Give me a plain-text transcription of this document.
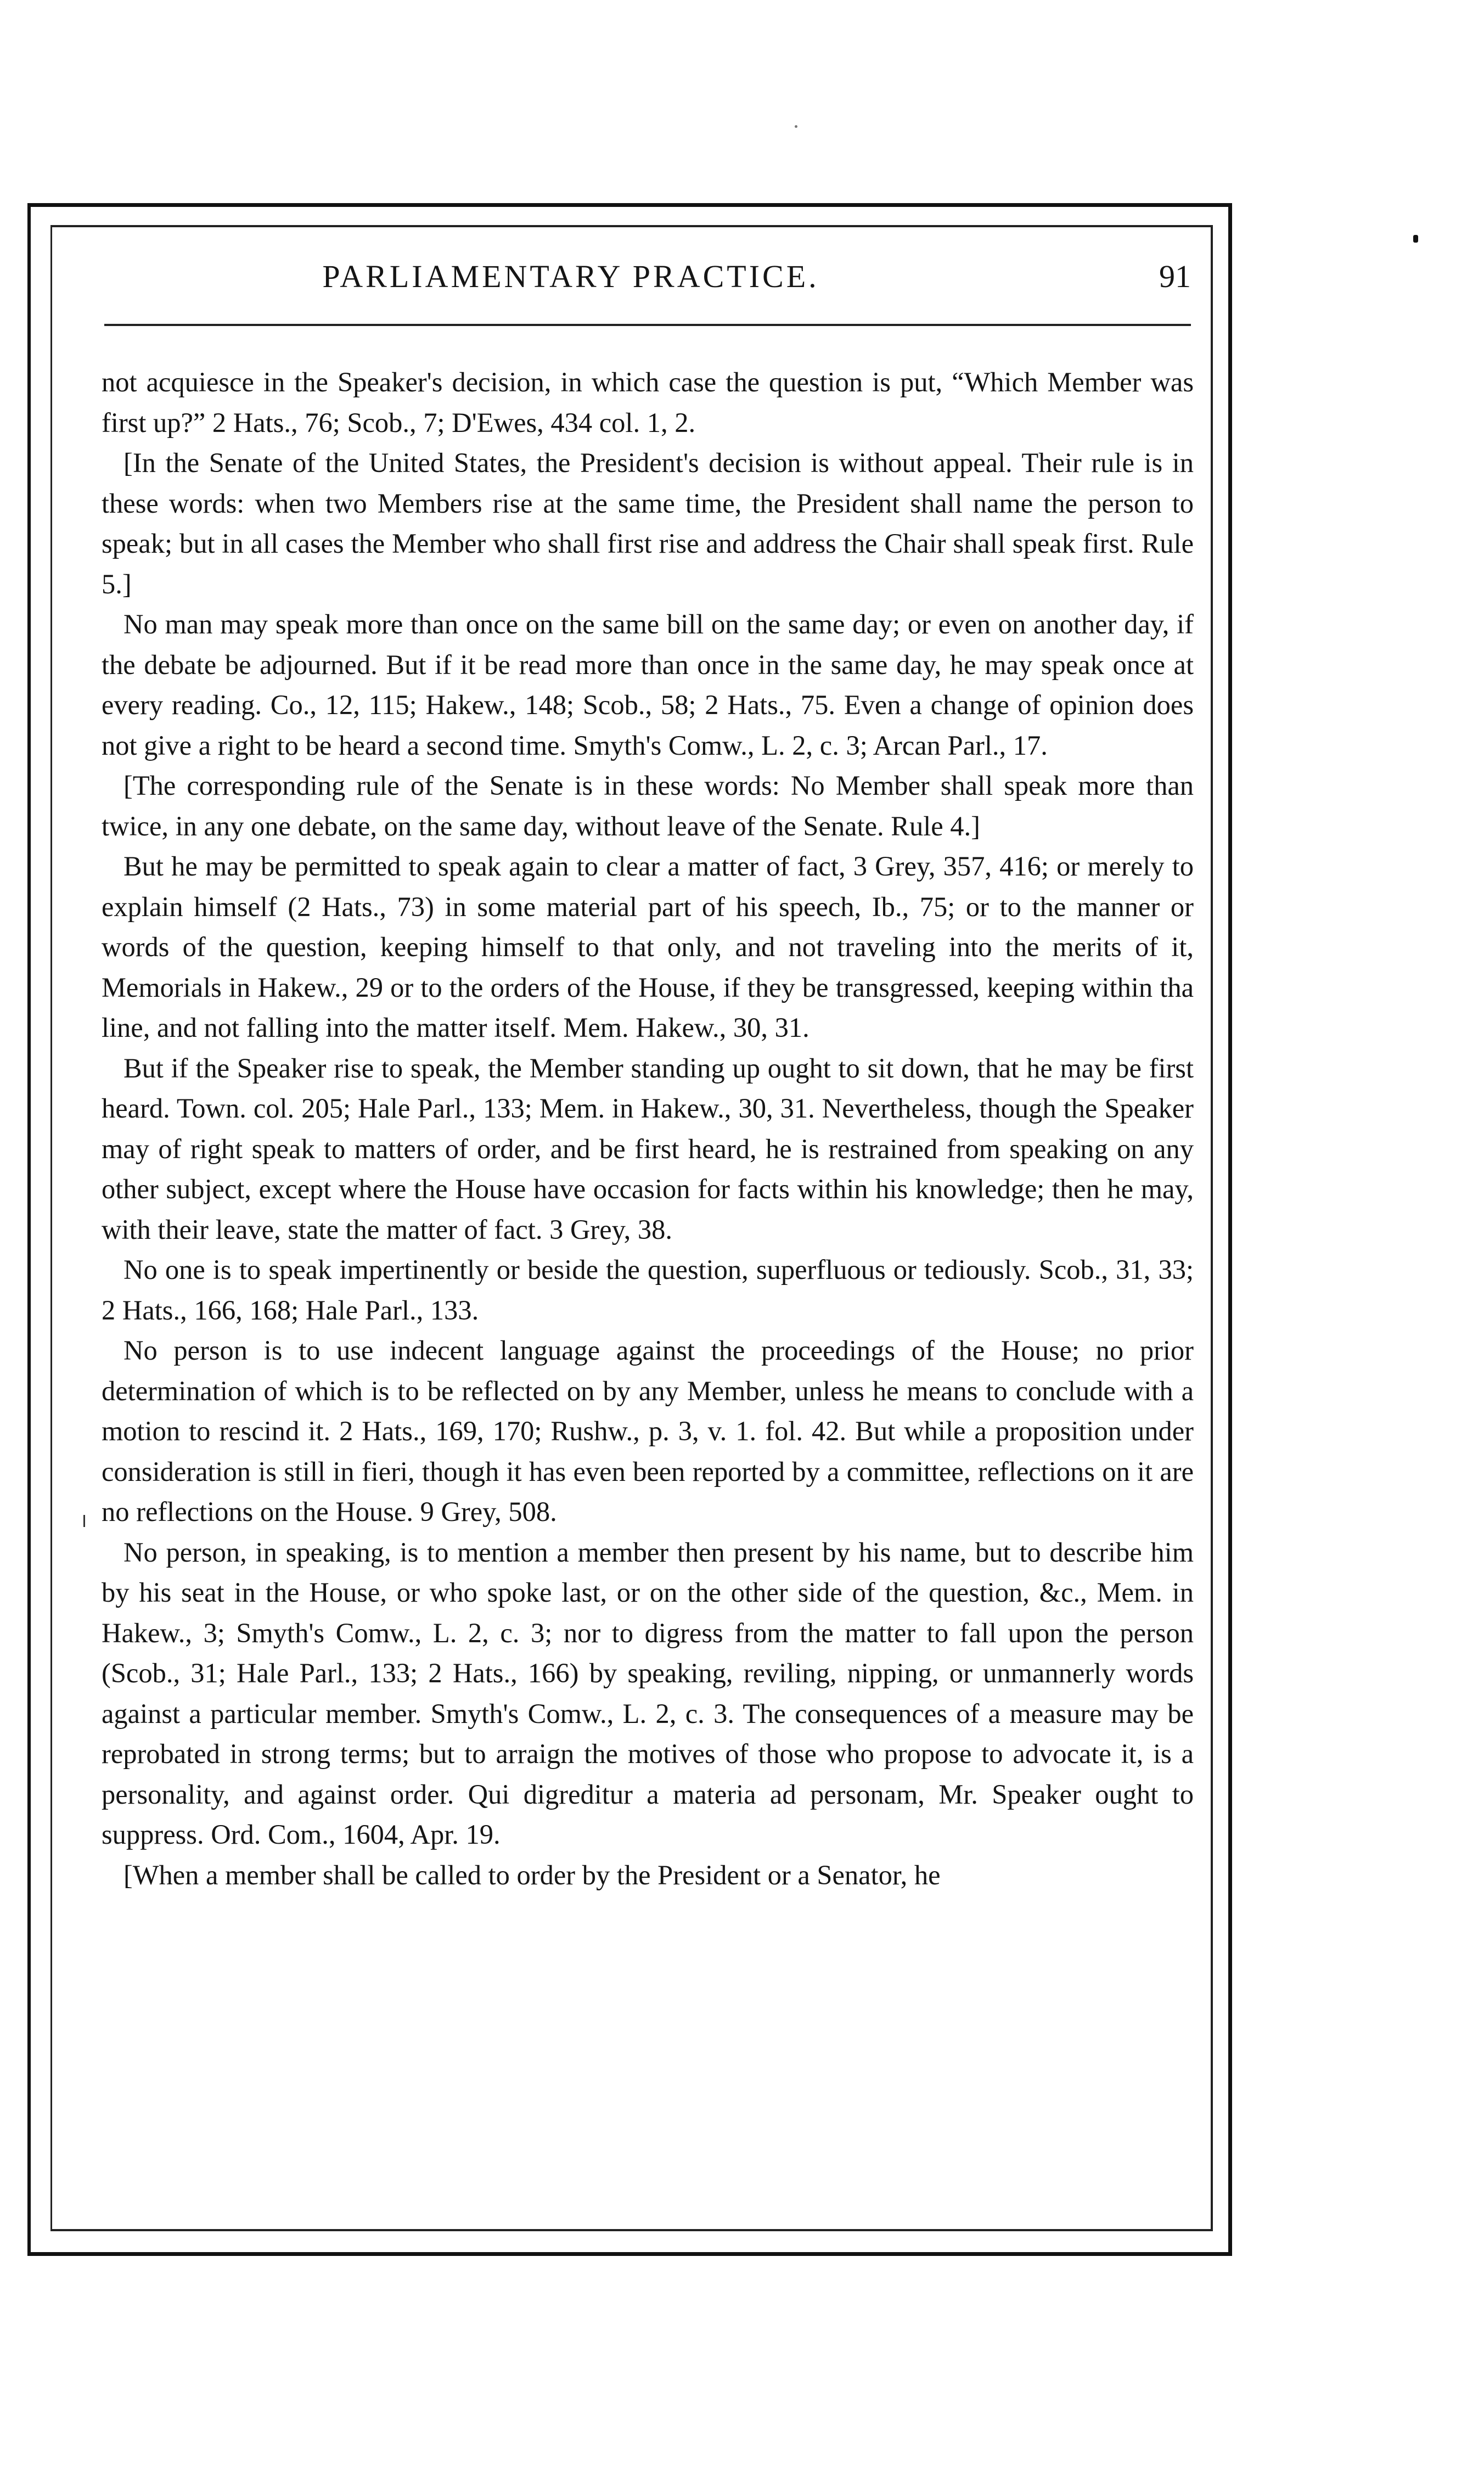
PARLIAMENTARY PRACTICE.	91

not acquiesce in the Speaker's decision, in which case the question is put, “Which Member was first up?” 2 Hats., 76; Scob., 7; D'Ewes, 434 col. 1, 2.

[In the Senate of the United States, the President's decision is without appeal. Their rule is in these words: when two Members rise at the same time, the President shall name the person to speak; but in all cases the Member who shall first rise and address the Chair shall speak first. Rule 5.]

No man may speak more than once on the same bill on the same day; or even on another day, if the debate be adjourned. But if it be read more than once in the same day, he may speak once at every reading. Co., 12, 115; Hakew., 148; Scob., 58; 2 Hats., 75. Even a change of opinion does not give a right to be heard a second time. Smyth's Comw., L. 2, c. 3; Arcan Parl., 17.

[The corresponding rule of the Senate is in these words: No Member shall speak more than twice, in any one debate, on the same day, without leave of the Senate. Rule 4.]

But he may be permitted to speak again to clear a matter of fact, 3 Grey, 357, 416; or merely to explain himself (2 Hats., 73) in some material part of his speech, Ib., 75; or to the manner or words of the question, keeping himself to that only, and not traveling into the merits of it, Memorials in Hakew., 29 or to the orders of the House, if they be transgressed, keeping within tha line, and not falling into the matter itself. Mem. Hakew., 30, 31.

But if the Speaker rise to speak, the Member standing up ought to sit down, that he may be first heard. Town. col. 205; Hale Parl., 133; Mem. in Hakew., 30, 31. Nevertheless, though the Speaker may of right speak to matters of order, and be first heard, he is restrained from speaking on any other subject, except where the House have occasion for facts within his knowledge; then he may, with their leave, state the matter of fact. 3 Grey, 38.

No one is to speak impertinently or beside the question, superfluous or tediously. Scob., 31, 33; 2 Hats., 166, 168; Hale Parl., 133.

No person is to use indecent language against the proceedings of the House; no prior determination of which is to be reflected on by any Member, unless he means to conclude with a motion to rescind it. 2 Hats., 169, 170; Rushw., p. 3, v. 1. fol. 42. But while a proposition under consideration is still in fieri, though it has even been reported by a committee, reflections on it are no reflections on the House. 9 Grey, 508.

No person, in speaking, is to mention a member then present by his name, but to describe him by his seat in the House, or who spoke last, or on the other side of the question, &c., Mem. in Hakew., 3; Smyth's Comw., L. 2, c. 3; nor to digress from the matter to fall upon the person (Scob., 31; Hale Parl., 133; 2 Hats., 166) by speaking, reviling, nipping, or unmannerly words against a particular member. Smyth's Comw., L. 2, c. 3. The consequences of a measure may be reprobated in strong terms; but to arraign the motives of those who propose to advocate it, is a personality, and against order. Qui digreditur a materia ad personam, Mr. Speaker ought to suppress. Ord. Com., 1604, Apr. 19.

[When a member shall be called to order by the President or a Senator, he
